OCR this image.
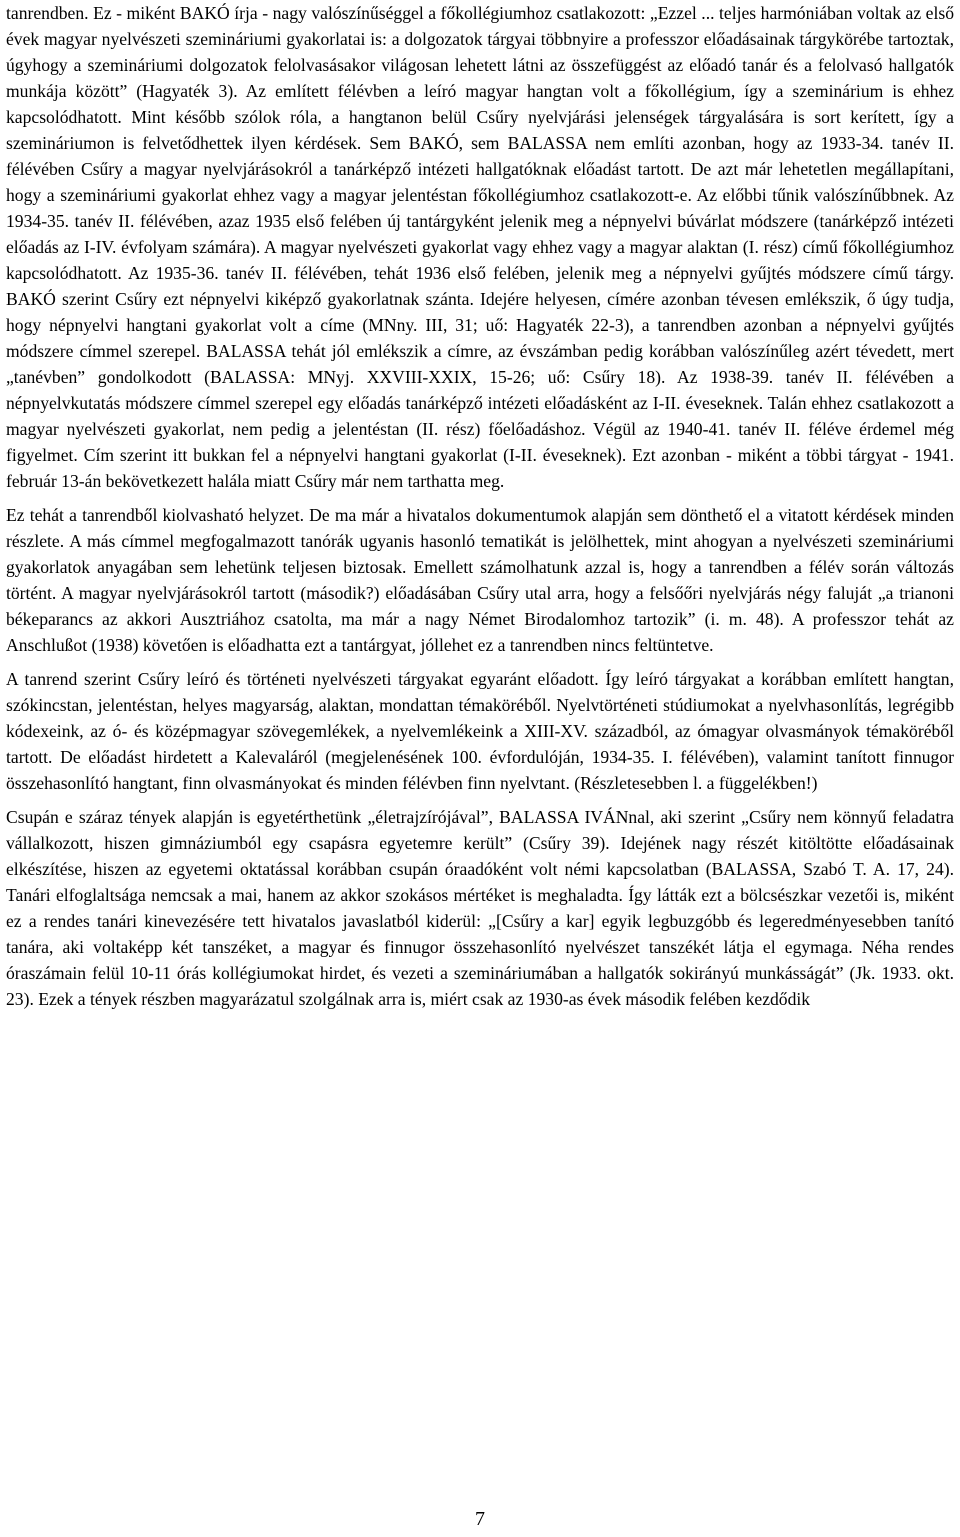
tanrendben. Ez - miként BAKÓ írja - nagy valószínűséggel a főkollégiumhoz csatlakozott: „Ezzel ... teljes harmóniában voltak az első évek magyar nyelvészeti szemináriumi gyakorlatai is: a dolgozatok tárgyai többnyire a professzor előadásainak tárgykörébe tartoztak, úgyhogy a szemináriumi dolgozatok felolvasásakor világosan lehetett látni az összefüggést az előadó tanár és a felolvasó hallgatók munkája között” (Hagyaték 3). Az említett félévben a leíró magyar hangtan volt a főkollégium, így a szeminárium is ehhez kapcsolódhatott. Mint később szólok róla, a hangtanon belül Csűry nyelvjárási jelenségek tárgyalására is sort kerített, így a szemináriumon is felvetődhettek ilyen kérdések. Sem BAKÓ, sem BALASSA nem említi azonban, hogy az 1933-34. tanév II. félévében Csűry a magyar nyelvjárásokról a tanárképző intézeti hallgatóknak előadást tartott. De azt már lehetetlen megállapítani, hogy a szemináriumi gyakorlat ehhez vagy a magyar jelentéstan főkollégiumhoz csatlakozott-e. Az előbbi tűnik valószínűbbnek. Az 1934-35. tanév II. félévében, azaz 1935 első felében új tantárgyként jelenik meg a népnyelvi búvárlat módszere (tanárképző intézeti előadás az I-IV. évfolyam számára). A magyar nyelvészeti gyakorlat vagy ehhez vagy a magyar alaktan (I. rész) című főkollégiumhoz kapcsolódhatott. Az 1935-36. tanév II. félévében, tehát 1936 első felében, jelenik meg a népnyelvi gyűjtés módszere című tárgy. BAKÓ szerint Csűry ezt népnyelvi kiképző gyakorlatnak szánta. Idejére helyesen, címére azonban tévesen emlékszik, ő úgy tudja, hogy népnyelvi hangtani gyakorlat volt a címe (MNny. III, 31; uő: Hagyaték 22-3), a tanrendben azonban a népnyelvi gyűjtés módszere címmel szerepel. BALASSA tehát jól emlékszik a címre, az évszámban pedig korábban valószínűleg azért tévedett, mert „tanévben” gondolkodott (BALASSA: MNyj. XXVIII-XXIX, 15-26; uő: Csűry 18). Az 1938-39. tanév II. félévében a népnyelvkutatás módszere címmel szerepel egy előadás tanárképző intézeti előadásként az I-II. éveseknek. Talán ehhez csatlakozott a magyar nyelvészeti gyakorlat, nem pedig a jelentéstan (II. rész) főelőadáshoz. Végül az 1940-41. tanév II. féléve érdemel még figyelmet. Cím szerint itt bukkan fel a népnyelvi hangtani gyakorlat (I-II. éveseknek). Ezt azonban - miként a többi tárgyat - 1941. február 13-án bekövetkezett halála miatt Csűry már nem tarthatta meg.

Ez tehát a tanrendből kiolvasható helyzet. De ma már a hivatalos dokumentumok alapján sem dönthető el a vitatott kérdések minden részlete. A más címmel megfogalmazott tanórák ugyanis hasonló tematikát is jelölhettek, mint ahogyan a nyelvészeti szemináriumi gyakorlatok anyagában sem lehetünk teljesen biztosak. Emellett számolhatunk azzal is, hogy a tanrendben a félév során változás történt. A magyar nyelvjárásokról tartott (második?) előadásában Csűry utal arra, hogy a felsőőri nyelvjárás négy faluját „a trianoni békeparancs az akkori Ausztriához csatolta, ma már a nagy Német Birodalomhoz tartozik” (i. m. 48). A professzor tehát az Anschlußot (1938) követően is előadhatta ezt a tantárgyat, jóllehet ez a tanrendben nincs feltüntetve.

A tanrend szerint Csűry leíró és történeti nyelvészeti tárgyakat egyaránt előadott. Így leíró tárgyakat a korábban említett hangtan, szókincstan, jelentéstan, helyes magyarság, alaktan, mondattan témaköréből. Nyelvtörténeti stúdiumokat a nyelvhasonlítás, legrégibb kódexeink, az ó- és középmagyar szövegemlékek, a nyelvemlékeink a XIII-XV. századból, az ómagyar olvasmányok témaköréből tartott. De előadást hirdetett a Kalevaláról (megjelenésének 100. évfordulóján, 1934-35. I. félévében), valamint tanított finnugor összehasonlító hangtant, finn olvasmányokat és minden félévben finn nyelvtant. (Részletesebben l. a függelékben!)

Csupán e száraz tények alapján is egyetérthetünk „életrajzírójával”, BALASSA IVÁNnal, aki szerint „Csűry nem könnyű feladatra vállalkozott, hiszen gimnáziumból egy csapásra egyetemre került” (Csűry 39). Idejének nagy részét kitöltötte előadásainak elkészítése, hiszen az egyetemi oktatással korábban csupán óraadóként volt némi kapcsolatban (BALASSA, Szabó T. A. 17, 24). Tanári elfoglaltsága nemcsak a mai, hanem az akkor szokásos mértéket is meghaladta. Így látták ezt a bölcsészkar vezetői is, miként ez a rendes tanári kinevezésére tett hivatalos javaslatból kiderül: „[Csűry a kar] egyik legbuzgóbb és legeredményesebben tanító tanára, aki voltaképp két tanszéket, a magyar és finnugor összehasonlító nyelvészet tanszékét látja el egymaga. Néha rendes óraszámain felül 10-11 órás kollégiumokat hirdet, és vezeti a szemináriumában a hallgatók sokirányú munkásságát” (Jk. 1933. okt. 23). Ezek a tények részben magyarázatul szolgálnak arra is, miért csak az 1930-as évek második felében kezdődik

7
